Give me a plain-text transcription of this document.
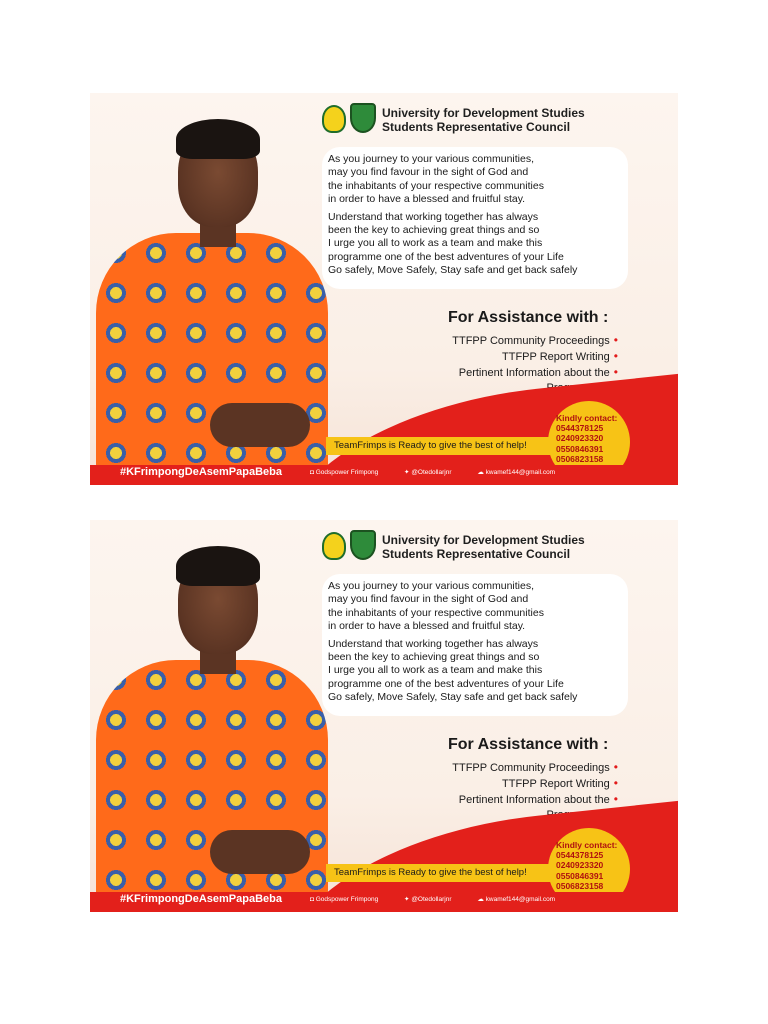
University for Development Studies
Students Representative Council
As you journey to your various communities,
may you find favour in the sight of God and
the inhabitants of your respective communities
in order to have a blessed and fruitful stay.
Understand that working together has always
been the key to achieving great things and so
I urge you all to work as a team and make this
programme one of the best adventures of your Life
Go safely, Move Safely, Stay safe and get back safely
For Assistance with :
TTFPP Community Proceedings •
TTFPP Report Writing •
Pertinent Information about the •
TeamFrimps is Ready to give the best of help!
Kindly contact:
0544378125
0240923320
0550846391
0506823158
#KFrimpongDeAsemPapaBeba	◘ Godspower Frimpong	✦ @Otedollarjnr	☁ kwamef144@gmail.com
University for Development Studies
Students Representative Council
As you journey to your various communities,
may you find favour in the sight of God and
the inhabitants of your respective communities
in order to have a blessed and fruitful stay.
Understand that working together has always
been the key to achieving great things and so
I urge you all to work as a team and make this
programme one of the best adventures of your Life
Go safely, Move Safely, Stay safe and get back safely
For Assistance with :
TTFPP Community Proceedings •
TTFPP Report Writing •
Pertinent Information about the •
TeamFrimps is Ready to give the best of help!
Kindly contact:
0544378125
0240923320
0550846391
0506823158
#KFrimpongDeAsemPapaBeba	◘ Godspower Frimpong	✦ @Otedollarjnr	☁ kwamef144@gmail.com
